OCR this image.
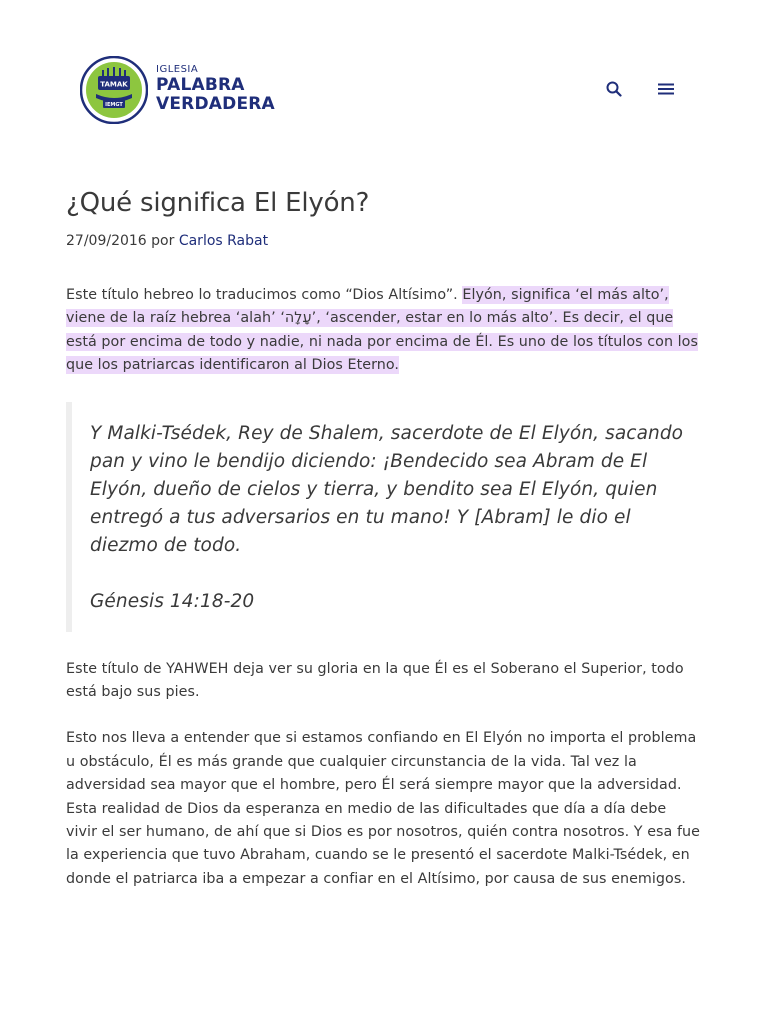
TAMAK
IEMGT
IGLESIA
PALABRA
VERDADERA
¿Qué significa El Elyón?
27/09/2016 por Carlos Rabat

Este título hebreo lo traducimos como “Dios Altísimo”. Elyón, significa ‘el más alto’, viene de la raíz hebrea ‘alah’ ‘עָלָה’, ‘ascender, estar en lo más alto’. Es decir, el que está por encima de todo y nadie, ni nada por encima de Él. Es uno de los títulos con los que los patriarcas identificaron al Dios Eterno.

Y Malki-Tsédek, Rey de Shalem, sacerdote de El Elyón, sacando pan y vino le bendijo diciendo: ¡Bendecido sea Abram de El Elyón, dueño de cielos y tierra, y bendito sea El Elyón, quien entregó a tus adversarios en tu mano! Y [Abram] le dio el diezmo de todo.

Génesis 14:18-20

Este título de YAHWEH deja ver su gloria en la que Él es el Soberano el Superior, todo está bajo sus pies.

Esto nos lleva a entender que si estamos confiando en El Elyón no importa el problema u obstáculo, Él es más grande que cualquier circunstancia de la vida. Tal vez la adversidad sea mayor que el hombre, pero Él será siempre mayor que la adversidad. Esta realidad de Dios da esperanza en medio de las dificultades que día a día debe vivir el ser humano, de ahí que si Dios es por nosotros, quién contra nosotros. Y esa fue la experiencia que tuvo Abraham, cuando se le presentó el sacerdote Malki-Tsédek, en donde el patriarca iba a empezar a confiar en el Altísimo, por causa de sus enemigos.
